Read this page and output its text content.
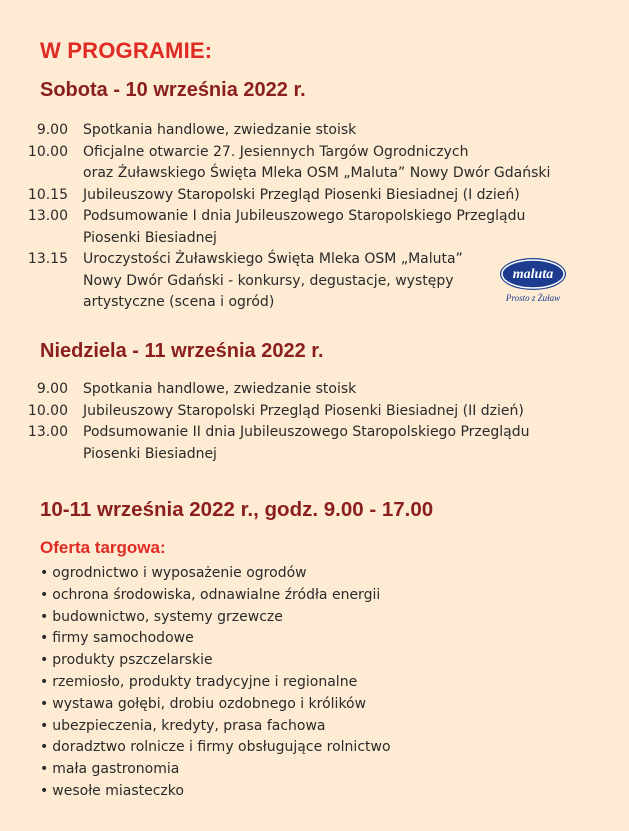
W PROGRAMIE:
Sobota - 10 września 2022 r.
9.00	Spotkania handlowe, zwiedzanie stoisk
10.00	Oficjalne otwarcie 27. Jesiennych Targów Ogrodniczych
oraz Żuławskiego Święta Mleka OSM „Maluta” Nowy Dwór Gdański
10.15	Jubileuszowy Staropolski Przegląd Piosenki Biesiadnej (I dzień)
13.00	Podsumowanie I dnia Jubileuszowego Staropolskiego Przeglądu
Piosenki Biesiadnej
13.15	Uroczystości Żuławskiego Święta Mleka OSM „Maluta”
Nowy Dwór Gdański - konkursy, degustacje, występy
artystyczne (scena i ogród)
maluta
Prosto z Żuław
Niedziela - 11 września 2022 r.
9.00	Spotkania handlowe, zwiedzanie stoisk
10.00	Jubileuszowy Staropolski Przegląd Piosenki Biesiadnej (II dzień)
13.00	Podsumowanie II dnia Jubileuszowego Staropolskiego Przeglądu
Piosenki Biesiadnej
10-11 września 2022 r., godz. 9.00 - 17.00
Oferta targowa:
• ogrodnictwo i wyposażenie ogrodów
• ochrona środowiska, odnawialne źródła energii
• budownictwo, systemy grzewcze
• firmy samochodowe
• produkty pszczelarskie
• rzemiosło, produkty tradycyjne i regionalne
• wystawa gołębi, drobiu ozdobnego i królików
• ubezpieczenia, kredyty, prasa fachowa
• doradztwo rolnicze i firmy obsługujące rolnictwo
• mała gastronomia
• wesołe miasteczko
